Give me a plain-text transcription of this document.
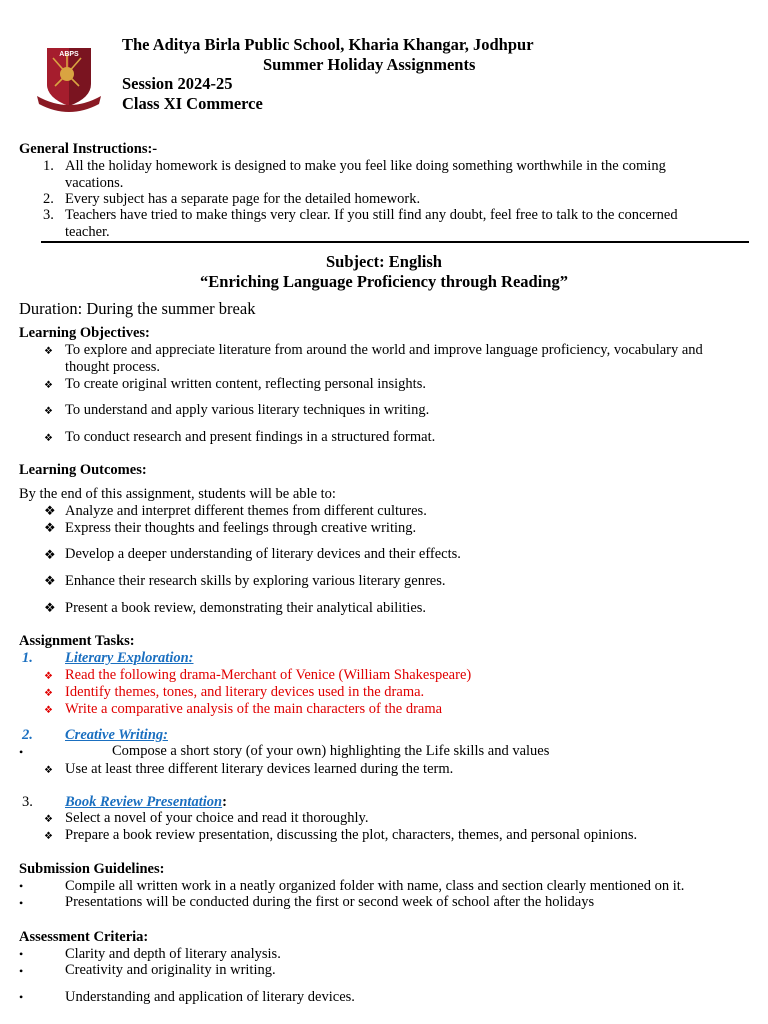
ABPS
The Aditya Birla Public School, Kharia Khangar, Jodhpur
Summer Holiday Assignments
Session 2024-25
Class XI Commerce
General Instructions:-
1. All the holiday homework is designed to make you feel like doing something worthwhile in the coming
vacations.
2. Every subject has a separate page for the detailed homework.
3. Teachers have tried to make things very clear. If you still find any doubt, feel free to talk to the concerned
teacher.
Subject: English
“Enriching Language Proficiency through Reading”
Duration: During the summer break
Learning Objectives:
❖ To explore and appreciate literature from around the world and improve language proficiency, vocabulary and
thought process.
❖ To create original written content, reflecting personal insights.
❖ To understand and apply various literary techniques in writing.
❖ To conduct research and present findings in a structured format.
Learning Outcomes:
By the end of this assignment, students will be able to:
❖ Analyze and interpret different themes from different cultures.
❖ Express their thoughts and feelings through creative writing.
❖ Develop a deeper understanding of literary devices and their effects.
❖ Enhance their research skills by exploring various literary genres.
❖ Present a book review, demonstrating their analytical abilities.
Assignment Tasks:
1. Literary Exploration:
❖ Read the following drama-Merchant of Venice (William Shakespeare)
❖ Identify themes, tones, and literary devices used in the drama.
❖ Write a comparative analysis of the main characters of the drama
2. Creative Writing:
•	Compose a short story (of your own) highlighting the Life skills and values
❖ Use at least three different literary devices learned during the term.
3. Book Review Presentation:
❖ Select a novel of your choice and read it thoroughly.
❖ Prepare a book review presentation, discussing the plot, characters, themes, and personal opinions.
Submission Guidelines:
•	Compile all written work in a neatly organized folder with name, class and section clearly mentioned on it.
•	Presentations will be conducted during the first or second week of school after the holidays
Assessment Criteria:
•	Clarity and depth of literary analysis.
•	Creativity and originality in writing.
•	Understanding and application of literary devices.
